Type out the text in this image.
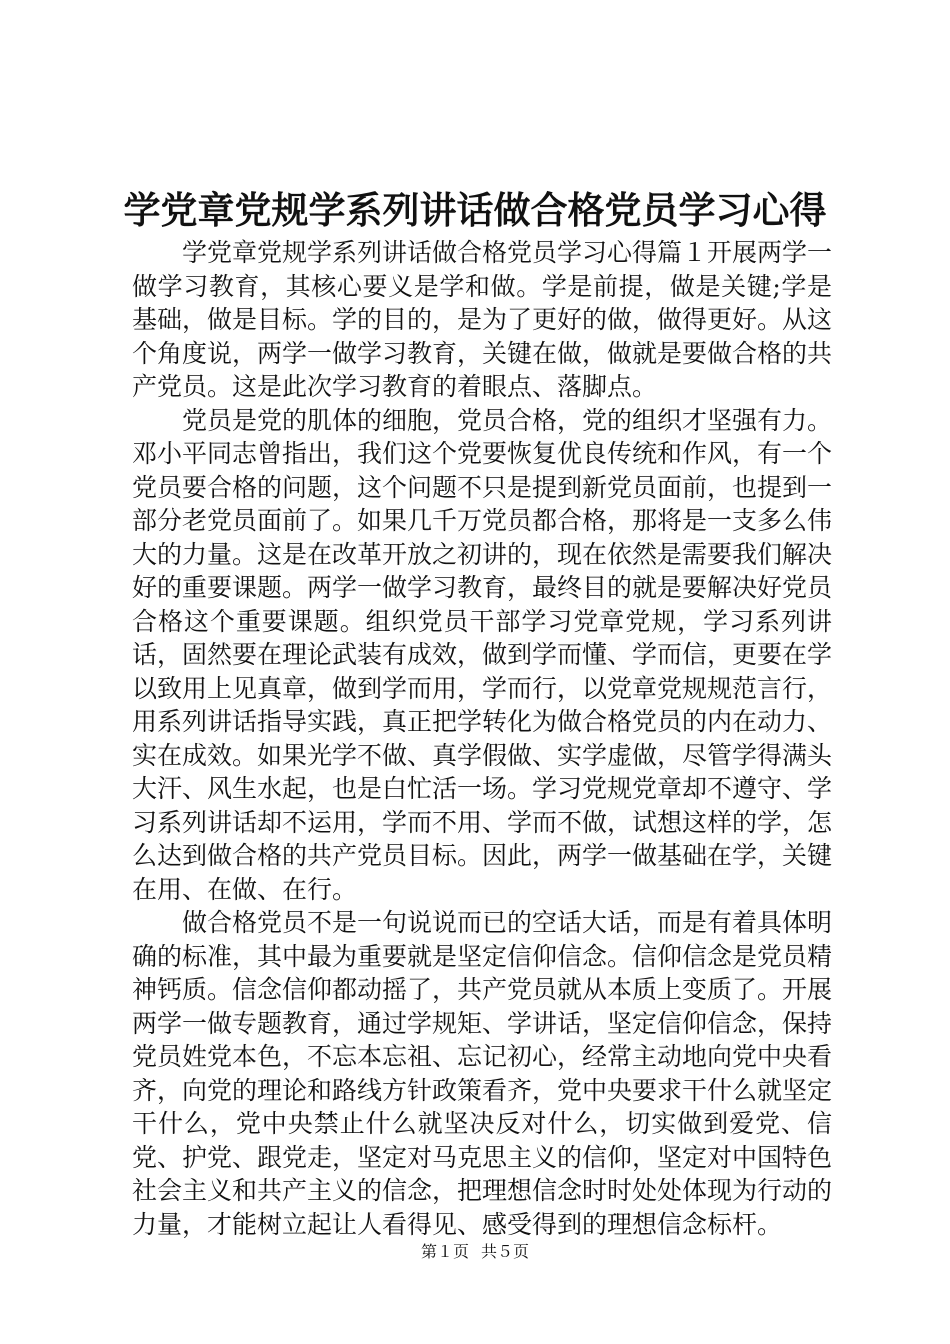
学党章党规学系列讲话做合格党员学习心得

学党章党规学系列讲话做合格党员学习心得篇１开展两学一做学习教育，其核心要义是学和做。学是前提，做是关键;学是基础，做是目标。学的目的，是为了更好的做，做得更好。从这个角度说，两学一做学习教育，关键在做，做就是要做合格的共产党员。这是此次学习教育的着眼点、落脚点。

党员是党的肌体的细胞，党员合格，党的组织才坚强有力。邓小平同志曾指出，我们这个党要恢复优良传统和作风，有一个党员要合格的问题，这个问题不只是提到新党员面前，也提到一部分老党员面前了。如果几千万党员都合格，那将是一支多么伟大的力量。这是在改革开放之初讲的，现在依然是需要我们解决好的重要课题。两学一做学习教育，最终目的就是要解决好党员合格这个重要课题。组织党员干部学习党章党规，学习系列讲话，固然要在理论武装有成效，做到学而懂、学而信，更要在学以致用上见真章，做到学而用，学而行，以党章党规规范言行，用系列讲话指导实践，真正把学转化为做合格党员的内在动力、实在成效。如果光学不做、真学假做、实学虚做，尽管学得满头大汗、风生水起，也是白忙活一场。学习党规党章却不遵守、学习系列讲话却不运用，学而不用、学而不做，试想这样的学，怎么达到做合格的共产党员目标。因此，两学一做基础在学，关键在用、在做、在行。

做合格党员不是一句说说而已的空话大话，而是有着具体明确的标准，其中最为重要就是坚定信仰信念。信仰信念是党员精神钙质。信念信仰都动摇了，共产党员就从本质上变质了。开展两学一做专题教育，通过学规矩、学讲话，坚定信仰信念，保持党员姓党本色，不忘本忘祖、忘记初心，经常主动地向党中央看齐，向党的理论和路线方针政策看齐，党中央要求干什么就坚定干什么，党中央禁止什么就坚决反对什么，切实做到爱党、信党、护党、跟党走，坚定对马克思主义的信仰，坚定对中国特色社会主义和共产主义的信念，把理想信念时时处处体现为行动的力量，才能树立起让人看得见、感受得到的理想信念标杆。

第１页 共５页
